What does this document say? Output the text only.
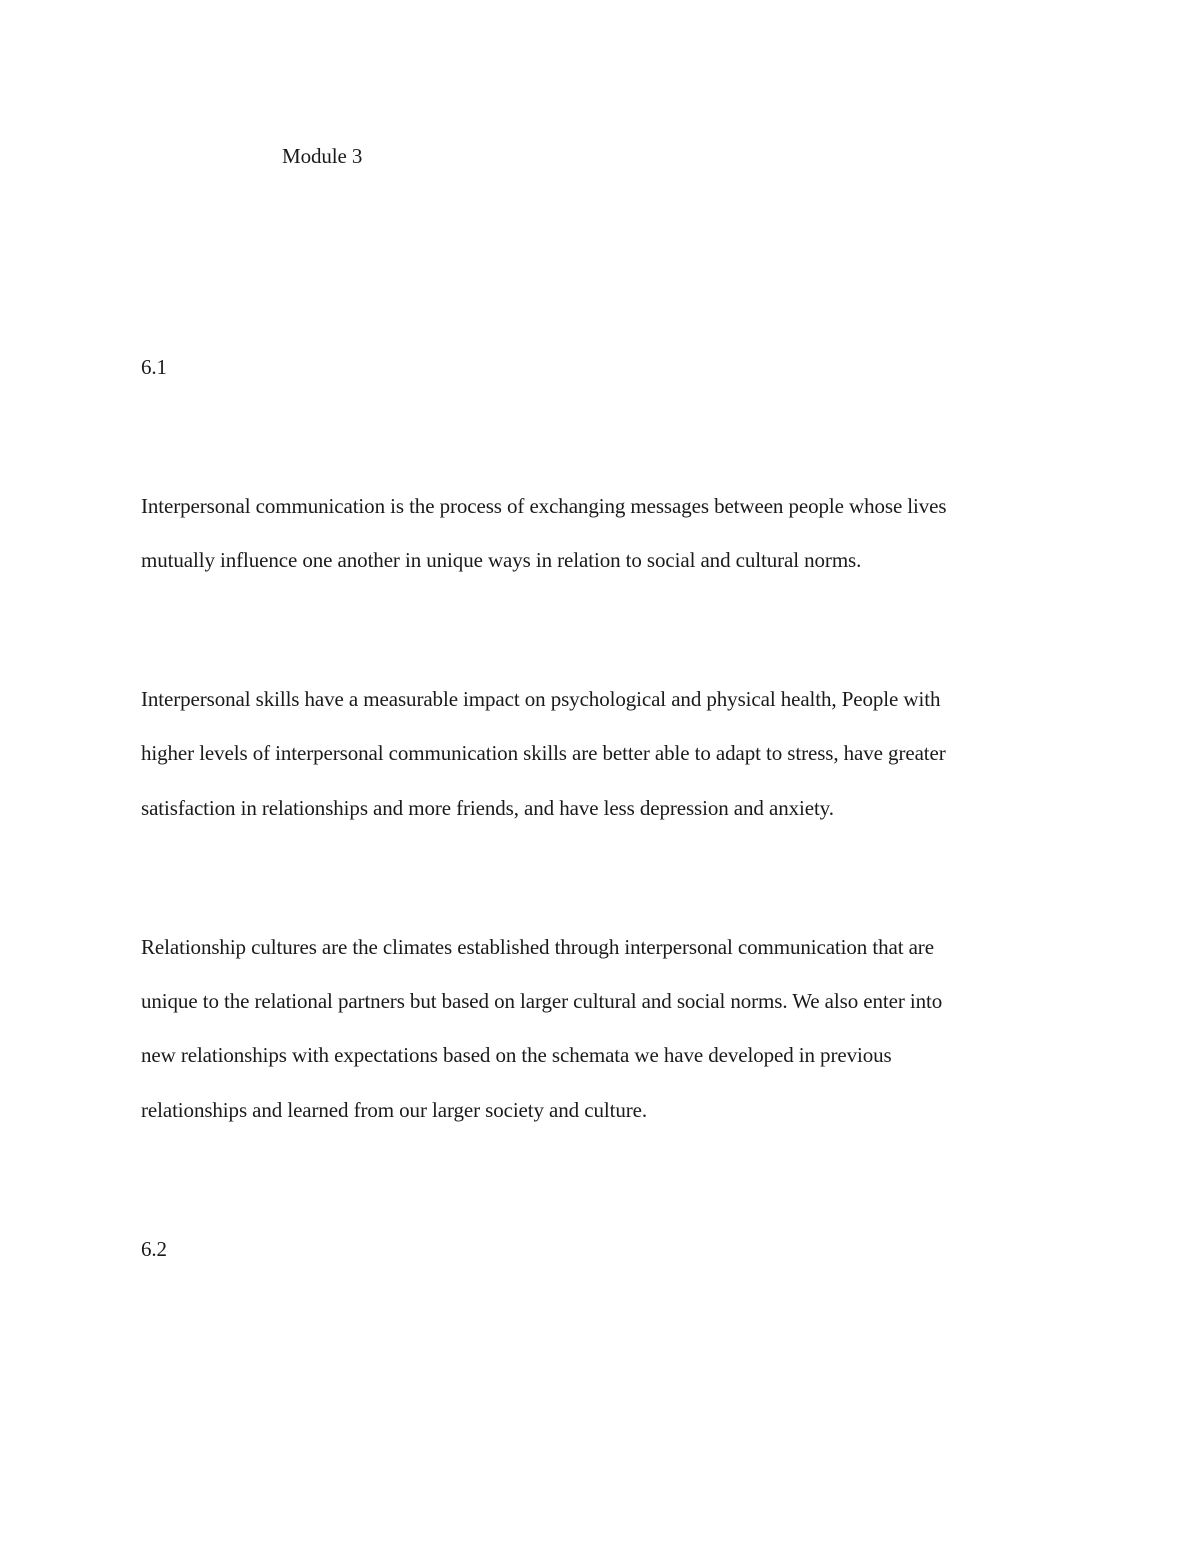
Module 3
6.1
Interpersonal communication is the process of exchanging messages between people whose lives
mutually influence one another in unique ways in relation to social and cultural norms.
Interpersonal skills have a measurable impact on psychological and physical health, People with
higher levels of interpersonal communication skills are better able to adapt to stress, have greater
satisfaction in relationships and more friends, and have less depression and anxiety.
Relationship cultures are the climates established through interpersonal communication that are
unique to the relational partners but based on larger cultural and social norms. We also enter into
new relationships with expectations based on the schemata we have developed in previous
relationships and learned from our larger society and culture.
6.2
